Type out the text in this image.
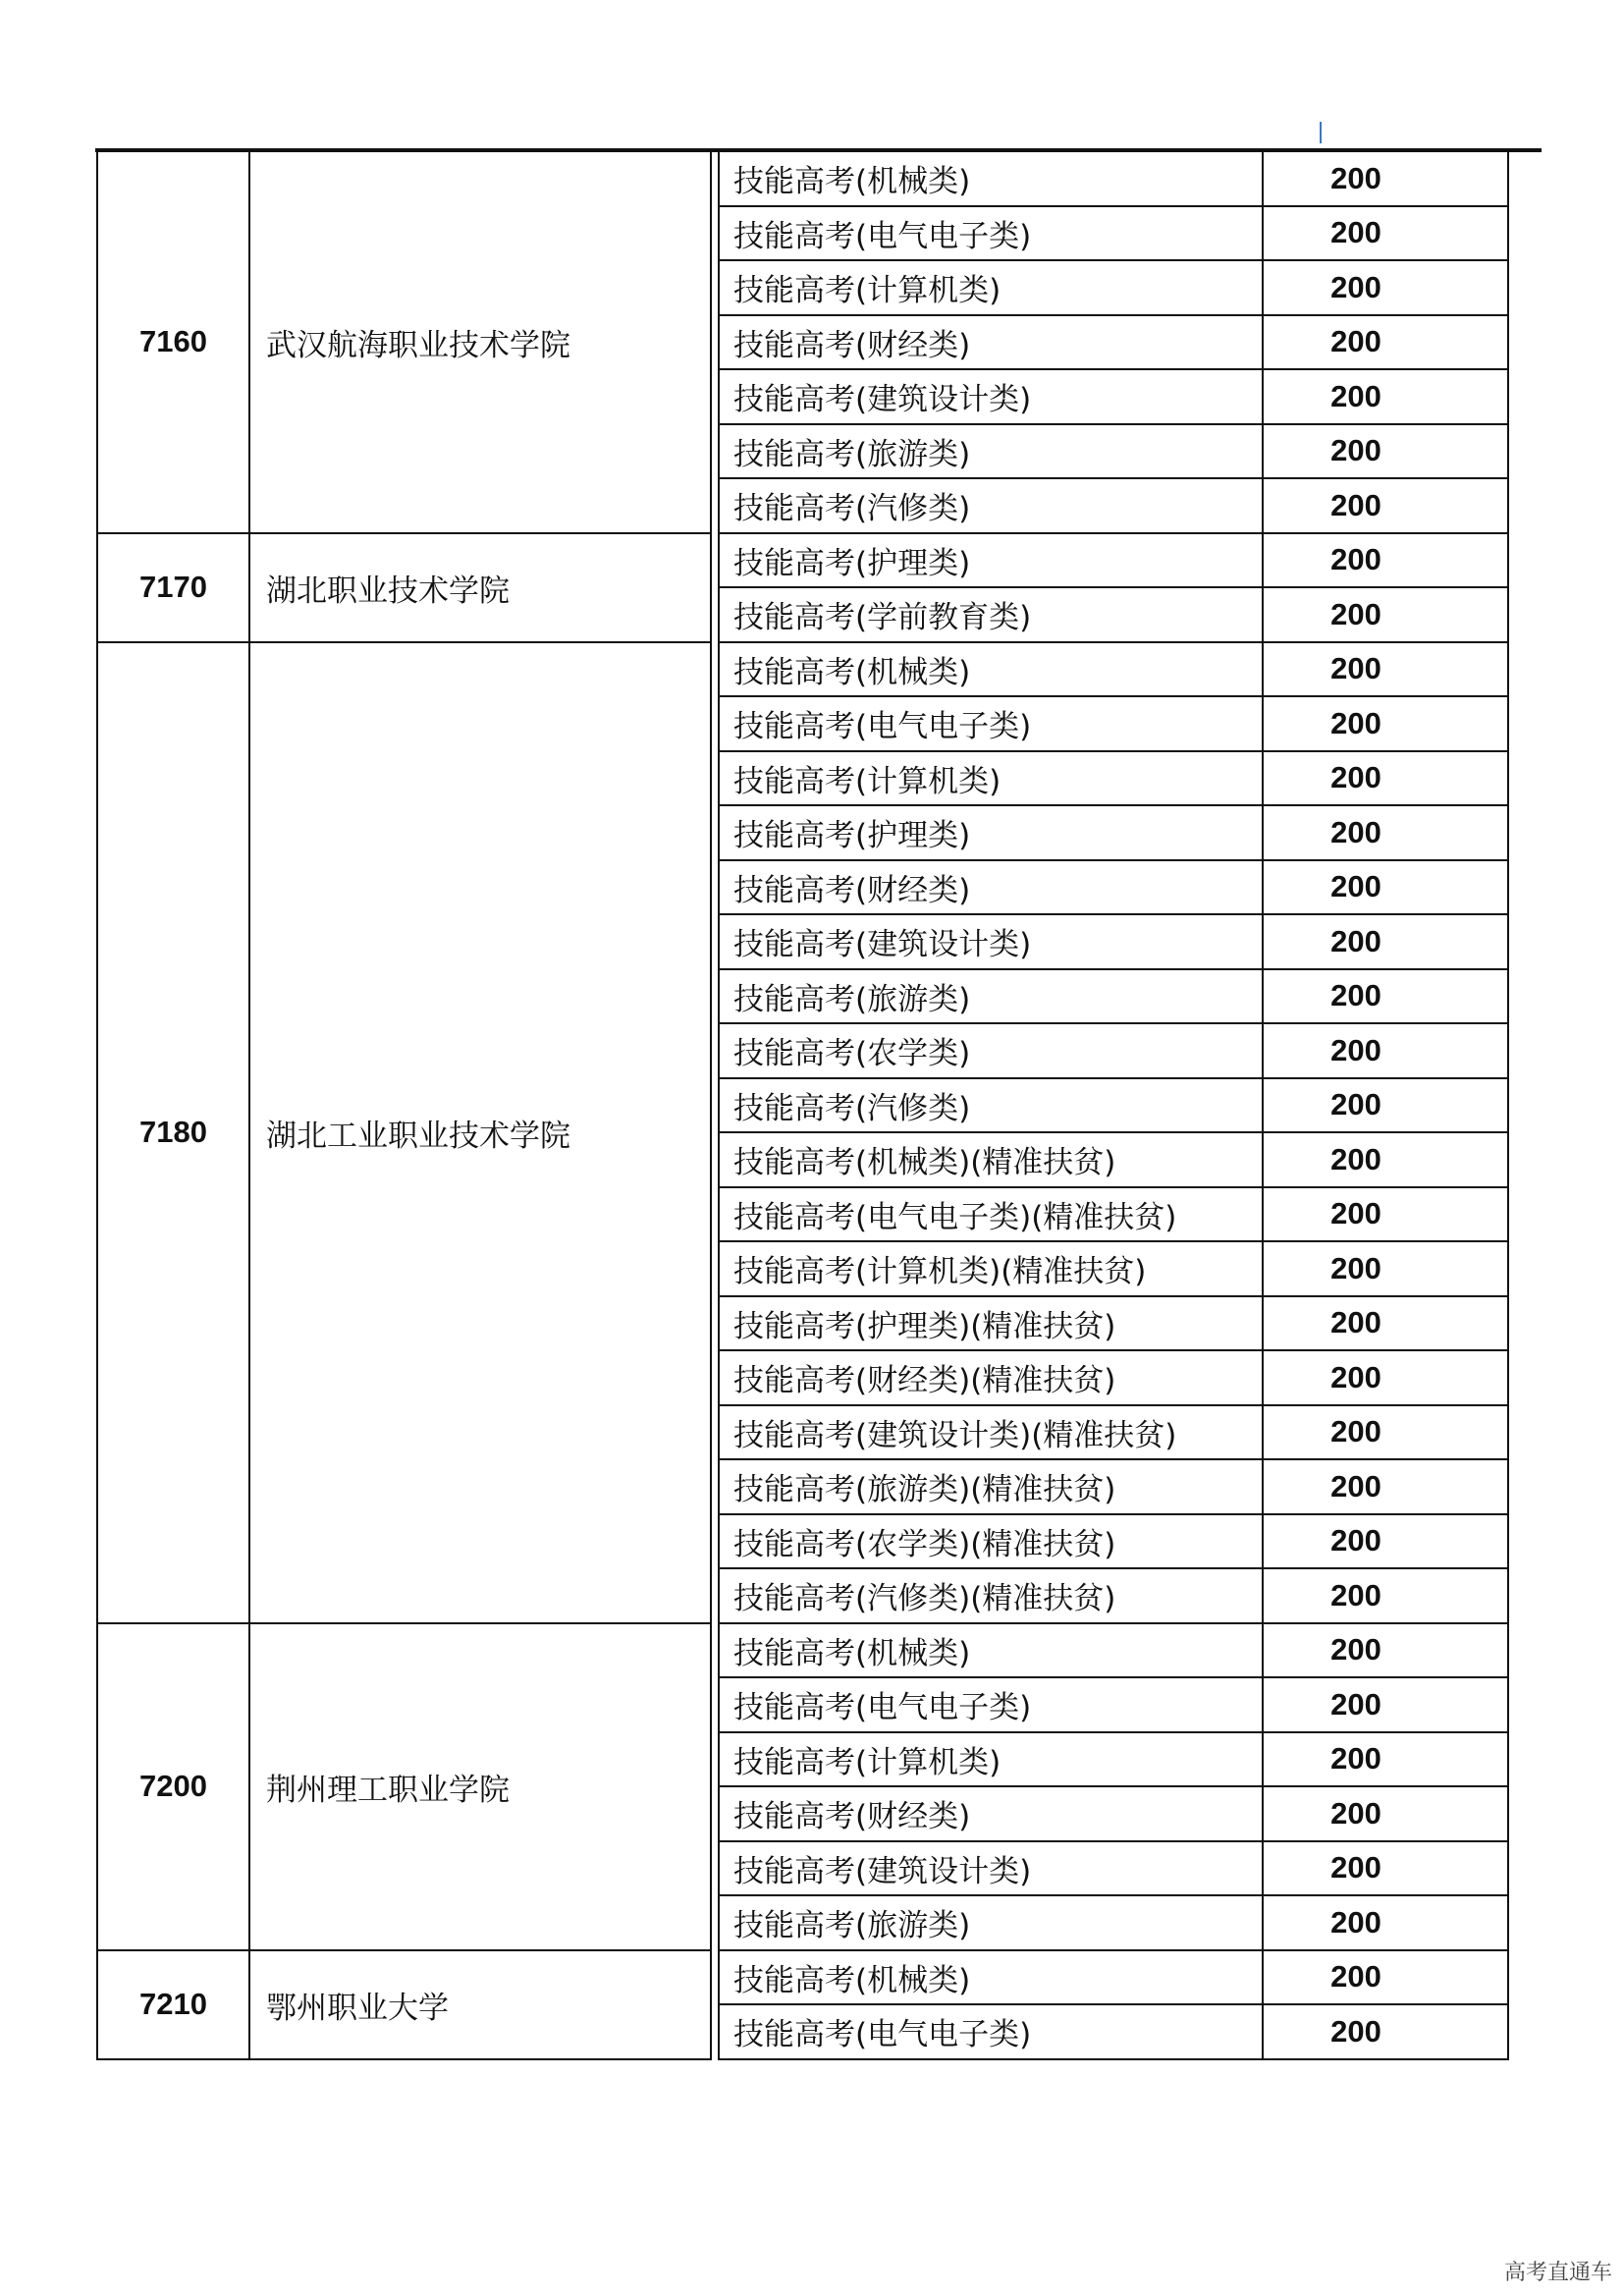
7160	武汉航海职业技术学院		技能高考(机械类)	200
			技能高考(电气电子类)	200
			技能高考(计算机类)	200
			技能高考(财经类)	200
			技能高考(建筑设计类)	200
			技能高考(旅游类)	200
			技能高考(汽修类)	200
7170	湖北职业技术学院		技能高考(护理类)	200
			技能高考(学前教育类)	200
7180	湖北工业职业技术学院		技能高考(机械类)	200
			技能高考(电气电子类)	200
			技能高考(计算机类)	200
			技能高考(护理类)	200
			技能高考(财经类)	200
			技能高考(建筑设计类)	200
			技能高考(旅游类)	200
			技能高考(农学类)	200
			技能高考(汽修类)	200
			技能高考(机械类)(精准扶贫)	200
			技能高考(电气电子类)(精准扶贫)	200
			技能高考(计算机类)(精准扶贫)	200
			技能高考(护理类)(精准扶贫)	200
			技能高考(财经类)(精准扶贫)	200
			技能高考(建筑设计类)(精准扶贫)	200
			技能高考(旅游类)(精准扶贫)	200
			技能高考(农学类)(精准扶贫)	200
			技能高考(汽修类)(精准扶贫)	200
7200	荆州理工职业学院		技能高考(机械类)	200
			技能高考(电气电子类)	200
			技能高考(计算机类)	200
			技能高考(财经类)	200
			技能高考(建筑设计类)	200
			技能高考(旅游类)	200
7210	鄂州职业大学		技能高考(机械类)	200
			技能高考(电气电子类)	200
高考直通车
